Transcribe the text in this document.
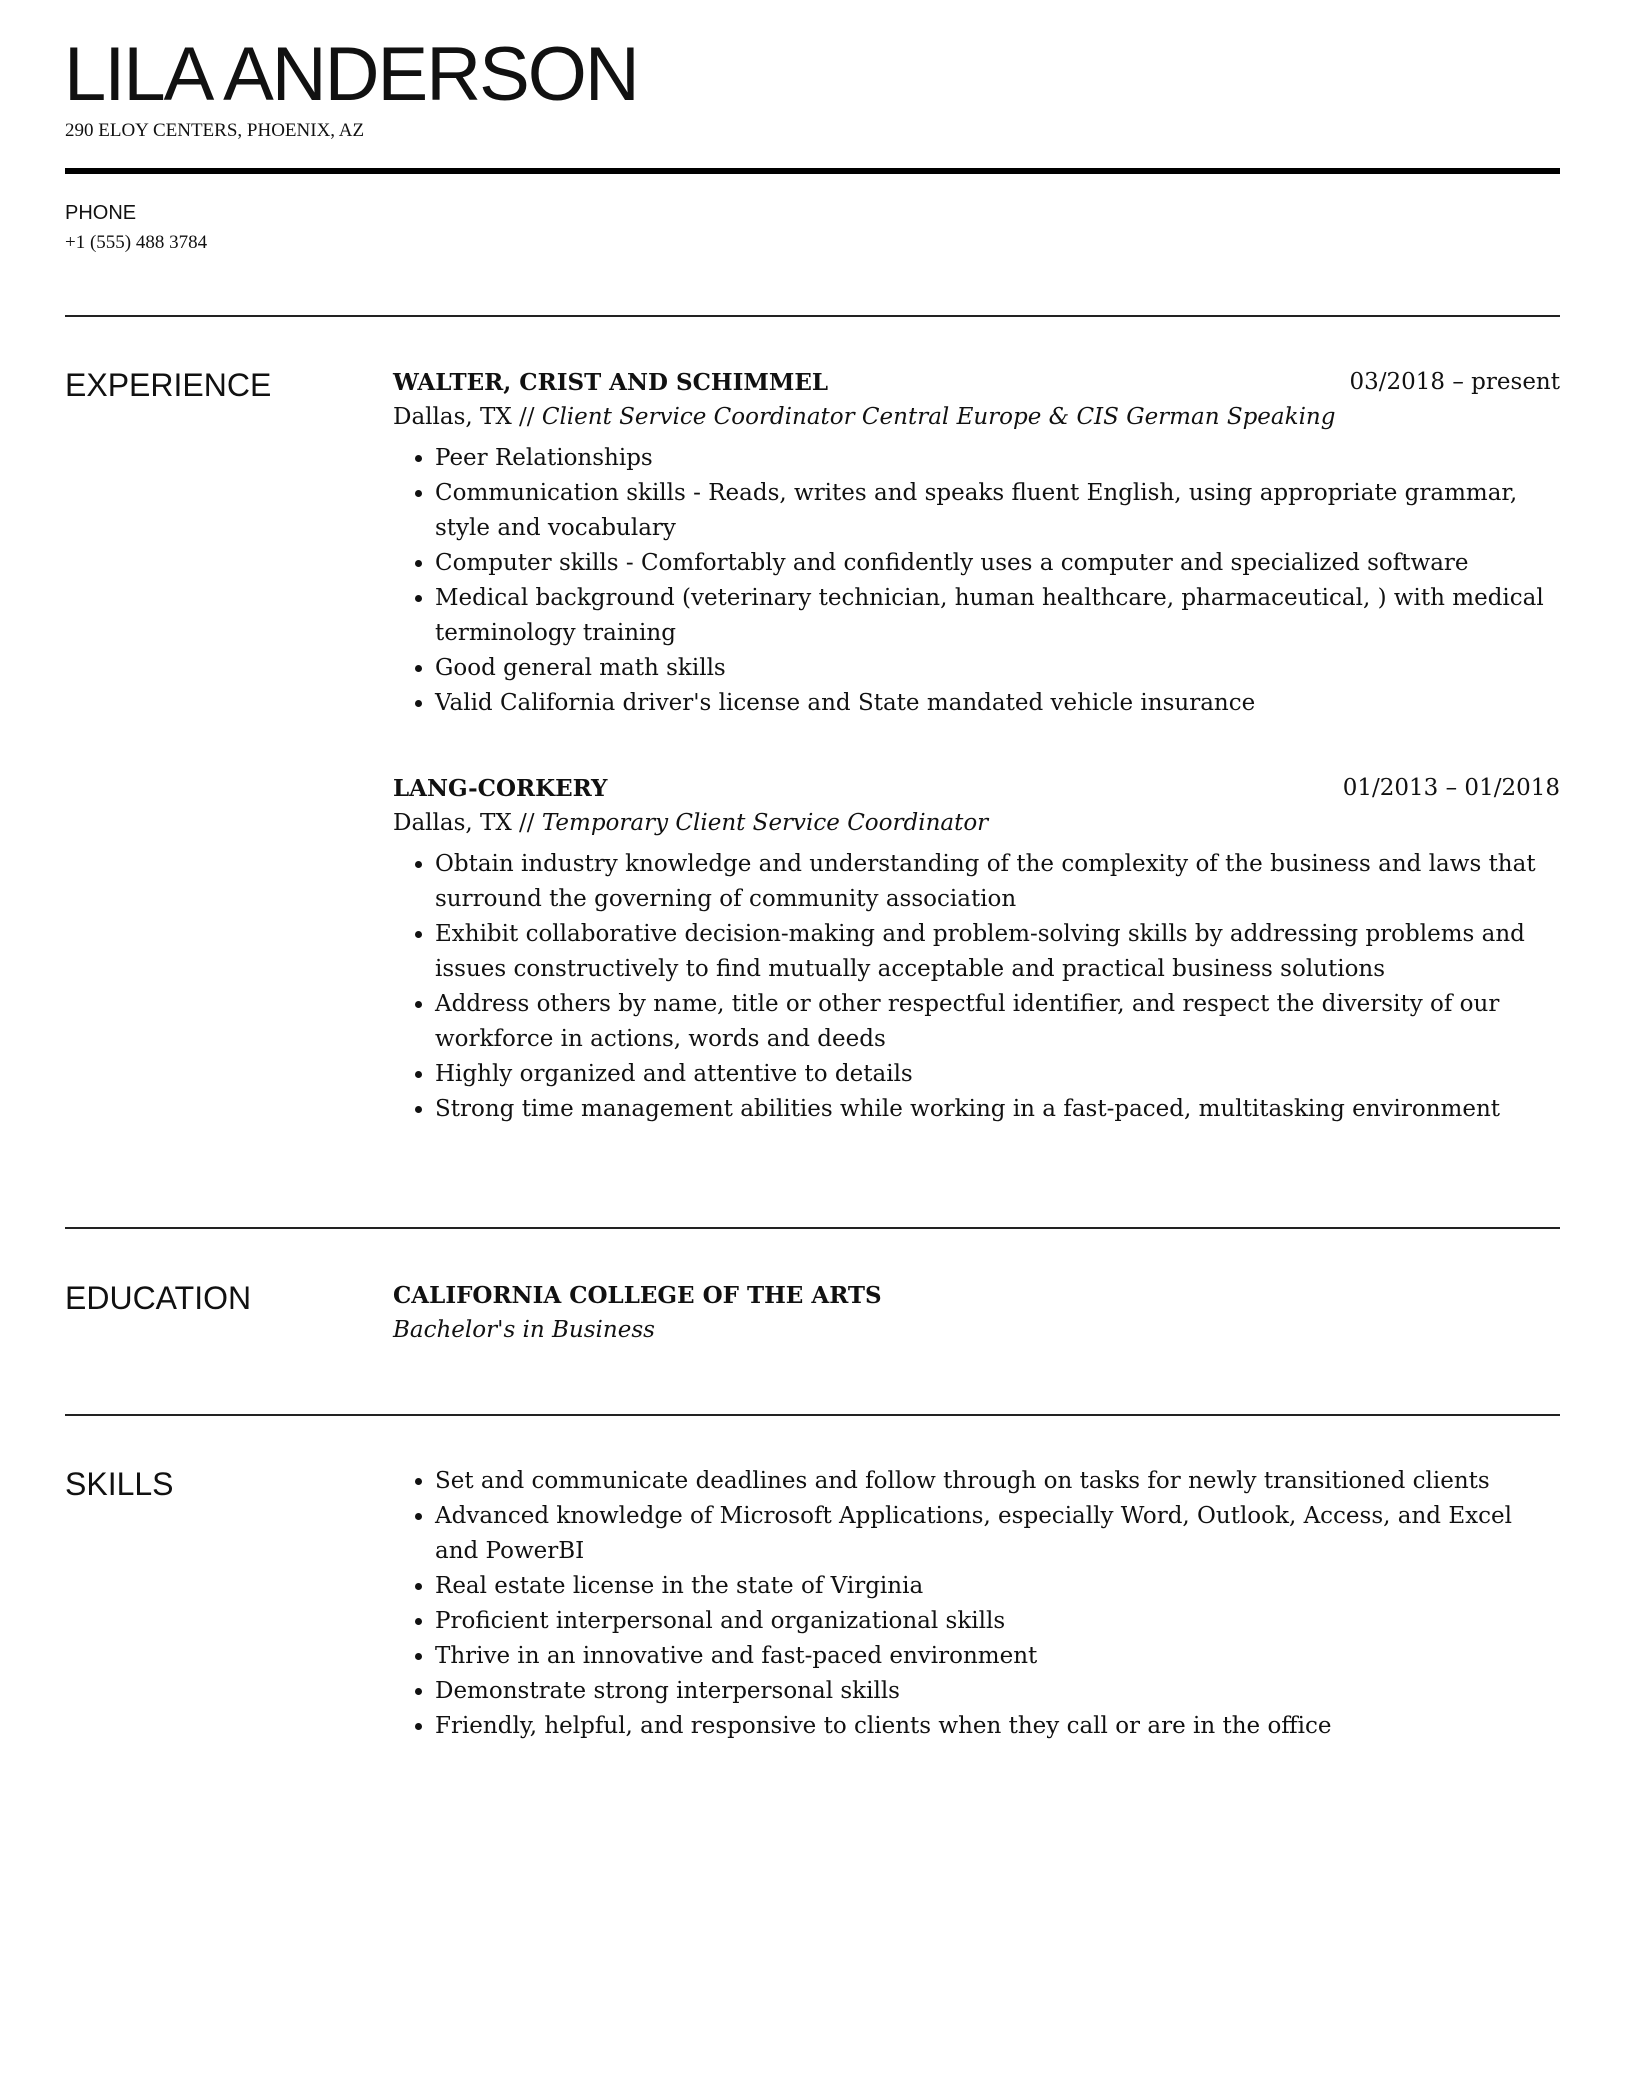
LILA ANDERSON
290 ELOY CENTERS, PHOENIX, AZ
PHONE
+1 (555) 488 3784
EXPERIENCE	WALTER, CRIST AND SCHIMMEL	03/2018 – present
Dallas, TX // Client Service Coordinator Central Europe & CIS German Speaking
• Peer Relationships
• Communication skills - Reads, writes and speaks fluent English, using appropriate grammar, style and vocabulary
• Computer skills - Comfortably and confidently uses a computer and specialized software
• Medical background (veterinary technician, human healthcare, pharmaceutical, ) with medical terminology training
• Good general math skills
• Valid California driver's license and State mandated vehicle insurance
LANG-CORKERY	01/2013 – 01/2018
Dallas, TX // Temporary Client Service Coordinator
• Obtain industry knowledge and understanding of the complexity of the business and laws that surround the governing of community association
• Exhibit collaborative decision-making and problem-solving skills by addressing problems and issues constructively to find mutually acceptable and practical business solutions
• Address others by name, title or other respectful identifier, and respect the diversity of our workforce in actions, words and deeds
• Highly organized and attentive to details
• Strong time management abilities while working in a fast-paced, multitasking environment
EDUCATION	CALIFORNIA COLLEGE OF THE ARTS
Bachelor's in Business
SKILLS	• Set and communicate deadlines and follow through on tasks for newly transitioned clients
• Advanced knowledge of Microsoft Applications, especially Word, Outlook, Access, and Excel and PowerBI
• Real estate license in the state of Virginia
• Proficient interpersonal and organizational skills
• Thrive in an innovative and fast-paced environment
• Demonstrate strong interpersonal skills
• Friendly, helpful, and responsive to clients when they call or are in the office
